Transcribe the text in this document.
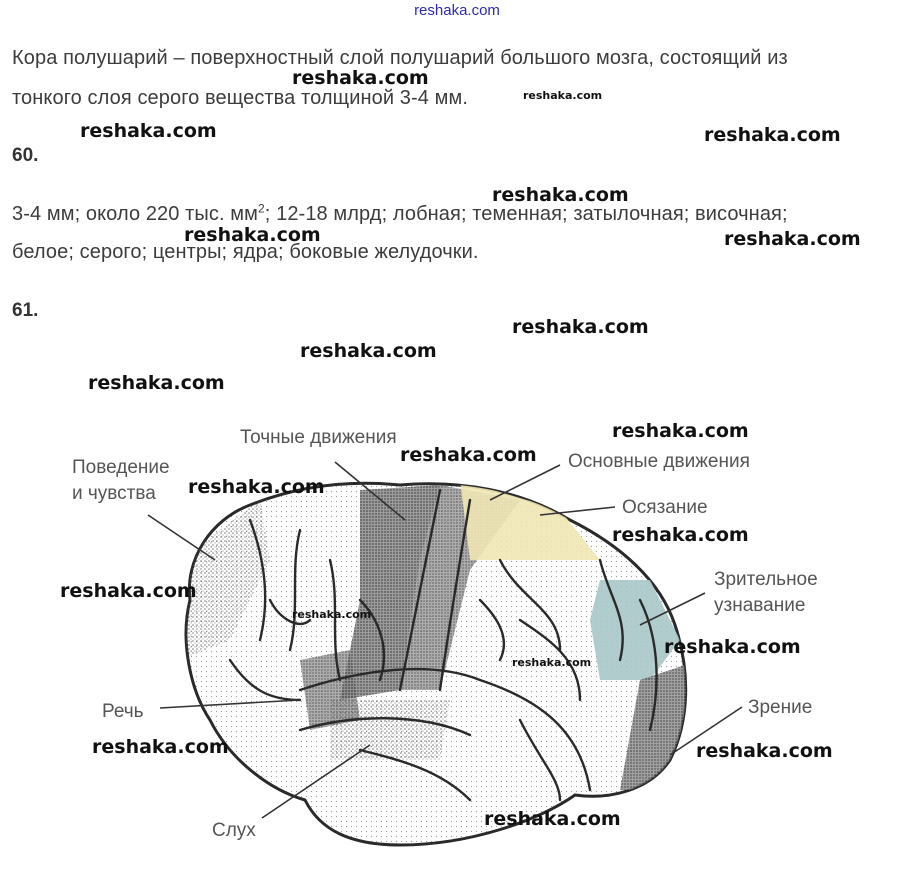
reshaka.com
Кора полушарий – поверхностный слой полушарий большого мозга, состоящий из
тонкого слоя серого вещества толщиной 3-4 мм.
60.
3-4 мм; около 220 тыс. $мм^2$; 12-18 млрд; лобная; теменная; затылочная; височная;
белое; серого; центры; ядра; боковые желудочки.
61.
Точные движения
Поведение
и чувства
Основные движения
Осязание
Зрительное
узнавание
Речь	Зрение
Слух
reshaka.com
reshaka.com
reshaka.com	reshaka.com
reshaka.com
reshaka.com	reshaka.com
reshaka.com
reshaka.com
reshaka.com
reshaka.com
reshaka.com
reshaka.com
reshaka.com
reshaka.com
reshaka.com
reshaka.com
reshaka.com
reshaka.com	reshaka.com
reshaka.com
